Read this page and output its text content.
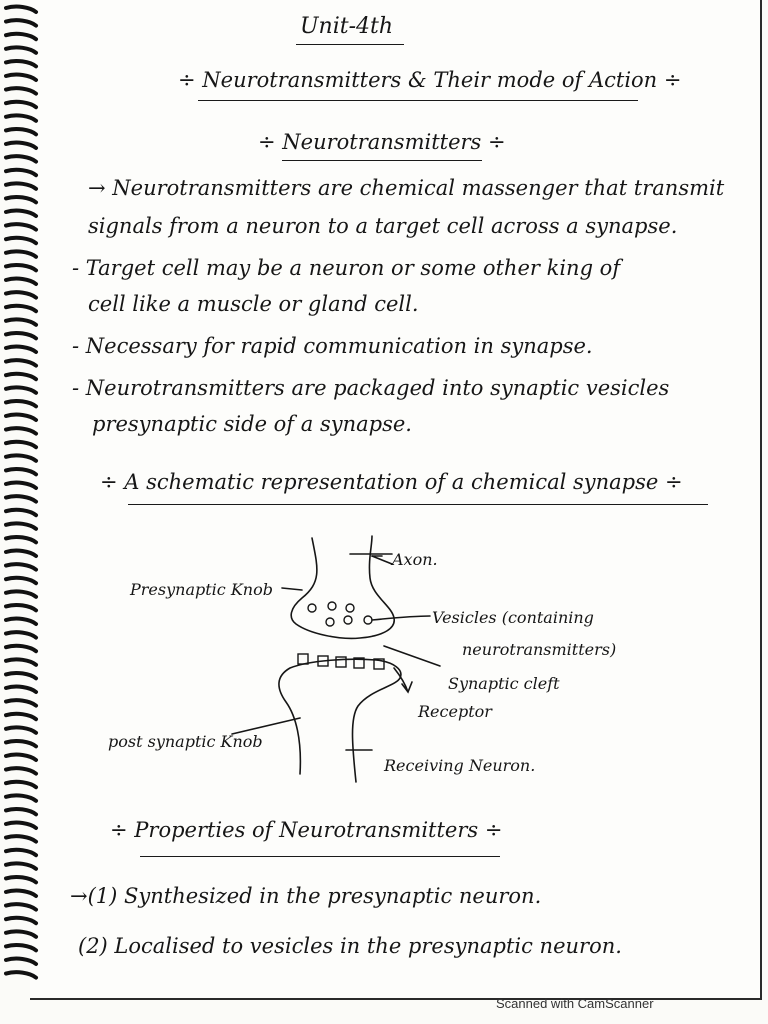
Unit-4th
÷ Neurotransmitters & Their mode of Action ÷
÷ Neurotransmitters ÷
→ Neurotransmitters are chemical massenger that transmit
signals from a neuron to a target cell across a synapse.
- Target cell may be a neuron or some other king of
cell like a muscle or gland cell.
- Necessary for rapid communication in synapse.
- Neurotransmitters are packaged into synaptic vesicles
presynaptic side of a synapse.
÷ A schematic representation of a chemical synapse ÷
Axon.
Presynaptic Knob
Vesicles (containing
neurotransmitters)
Synaptic cleft
Receptor
post synaptic Knob
Receiving Neuron.
÷ Properties of Neurotransmitters ÷
→(1) Synthesized in the presynaptic neuron.
(2) Localised to vesicles in the presynaptic neuron.
Scanned with CamScanner
